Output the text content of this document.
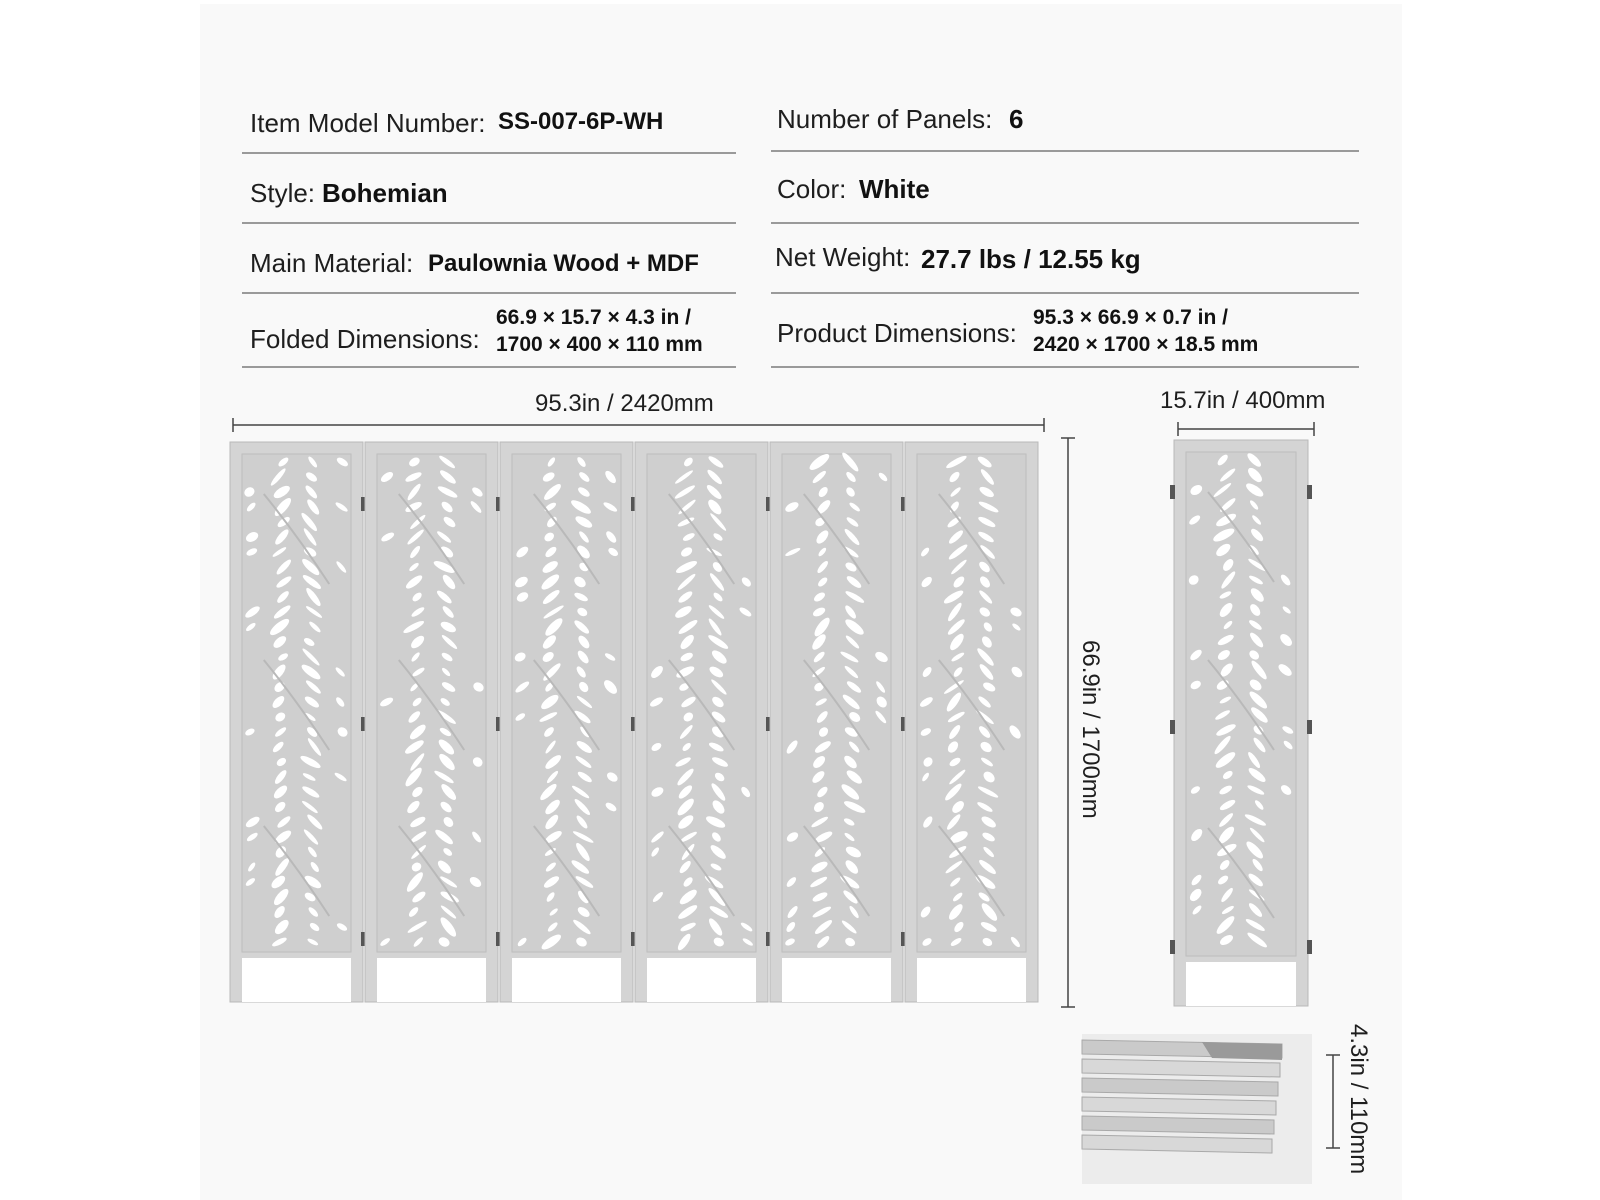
Item Model Number: SS-007-6P-WH
Style: Bohemian
Main Material: Paulownia Wood + MDF
Folded Dimensions:
66.9 × 15.7 × 4.3 in /
1700 × 400 × 110 mm
Number of Panels: 6
Color: White
Net Weight: 27.7 lbs / 12.55 kg
Product Dimensions:
95.3 × 66.9 × 0.7 in /
2420 × 1700 × 18.5 mm
95.3in / 2420mm	15.7in / 400mm
66.9in / 1700mm
4.3in / 110mm
